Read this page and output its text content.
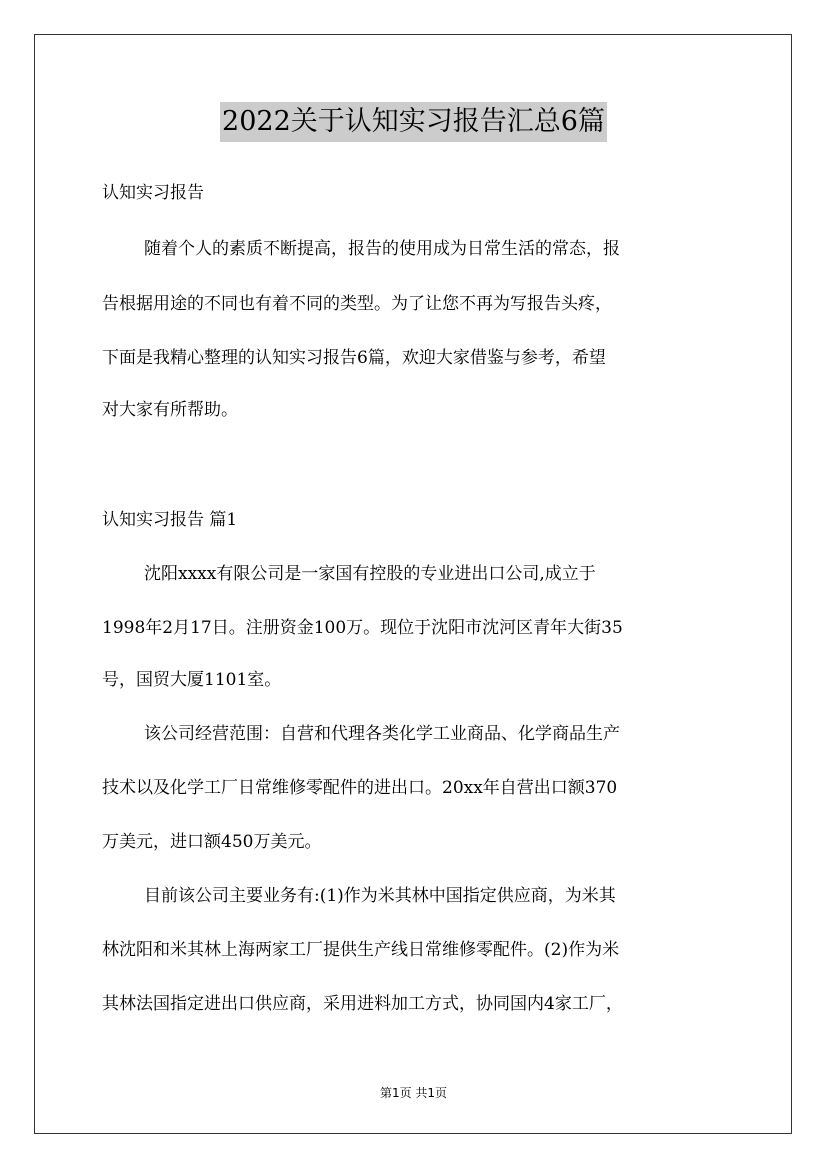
2022关于认知实习报告汇总6篇
认知实习报告
随着个人的素质不断提高，报告的使用成为日常生活的常态，报
告根据用途的不同也有着不同的类型。为了让您不再为写报告头疼，
下面是我精心整理的认知实习报告6篇，欢迎大家借鉴与参考，希望
对大家有所帮助。
认知实习报告 篇1
沈阳xxxx有限公司是一家国有控股的专业进出口公司,成立于
1998年2月17日。注册资金100万。现位于沈阳市沈河区青年大街35
号，国贸大厦1101室。
该公司经营范围：自营和代理各类化学工业商品、化学商品生产
技术以及化学工厂日常维修零配件的进出口。20xx年自营出口额370
万美元，进口额450万美元。
目前该公司主要业务有:(1)作为米其林中国指定供应商，为米其
林沈阳和米其林上海两家工厂提供生产线日常维修零配件。(2)作为米
其林法国指定进出口供应商，采用进料加工方式，协同国内4家工厂，
第1页 共1页
